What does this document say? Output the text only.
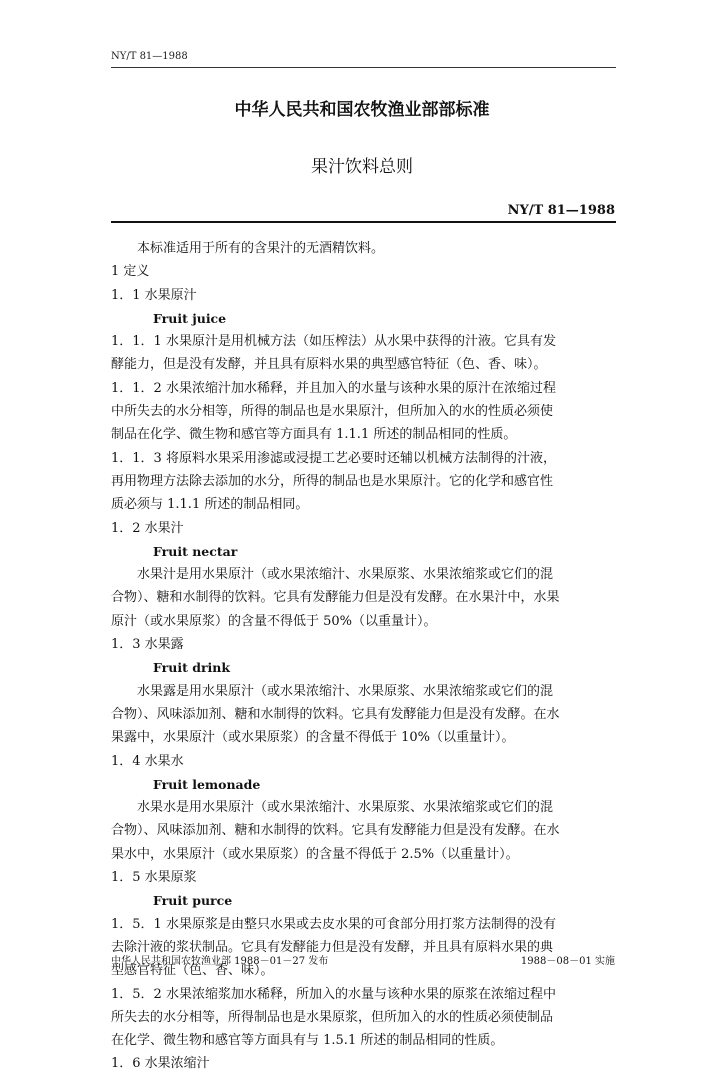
NY/T 81—1988
中华人民共和国农牧渔业部部标准
果汁饮料总则
NY/T 81—1988

本标准适用于所有的含果汁的无酒精饮料。

1 定义

1．1 水果原汁

Fruit juice

1．1．1 水果原汁是用机械方法（如压榨法）从水果中获得的汁液。它具有发

酵能力，但是没有发酵，并且具有原料水果的典型感官特征（色、香、味）。

1．1．2 水果浓缩汁加水稀释，并且加入的水量与该种水果的原汁在浓缩过程

中所失去的水分相等，所得的制品也是水果原汁，但所加入的水的性质必须使

制品在化学、微生物和感官等方面具有 1.1.1 所述的制品相同的性质。

1．1．3 将原料水果采用渗滤或浸提工艺必要时还辅以机械方法制得的汁液，

再用物理方法除去添加的水分，所得的制品也是水果原汁。它的化学和感官性

质必须与 1.1.1 所述的制品相同。

1．2 水果汁

Fruit nectar

水果汁是用水果原汁（或水果浓缩汁、水果原浆、水果浓缩浆或它们的混

合物）、糖和水制得的饮料。它具有发酵能力但是没有发酵。在水果汁中，水果

原汁（或水果原浆）的含量不得低于 50%（以重量计）。

1．3 水果露

Fruit drink

水果露是用水果原汁（或水果浓缩汁、水果原浆、水果浓缩浆或它们的混

合物）、风味添加剂、糖和水制得的饮料。它具有发酵能力但是没有发酵。在水

果露中，水果原汁（或水果原浆）的含量不得低于 10%（以重量计）。

1．4 水果水

Fruit lemonade

水果水是用水果原汁（或水果浓缩汁、水果原浆、水果浓缩浆或它们的混

合物）、风味添加剂、糖和水制得的饮料。它具有发酵能力但是没有发酵。在水

果水中，水果原汁（或水果原浆）的含量不得低于 2.5%（以重量计）。

1．5 水果原浆

Fruit purce

1．5．1 水果原浆是由整只水果或去皮水果的可食部分用打浆方法制得的没有

去除汁液的浆状制品。它具有发酵能力但是没有发酵，并且具有原料水果的典

型感官特征（色、香、味）。

1．5．2 水果浓缩浆加水稀释，所加入的水量与该种水果的原浆在浓缩过程中

所失去的水分相等，所得制品也是水果原浆，但所加入的水的性质必须使制品

在化学、微生物和感官等方面具有与 1.5.1 所述的制品相同的性质。

1．6 水果浓缩汁

中华人民共和国农牧渔业部 1988－01－27 发布	1988－08－01 实施
